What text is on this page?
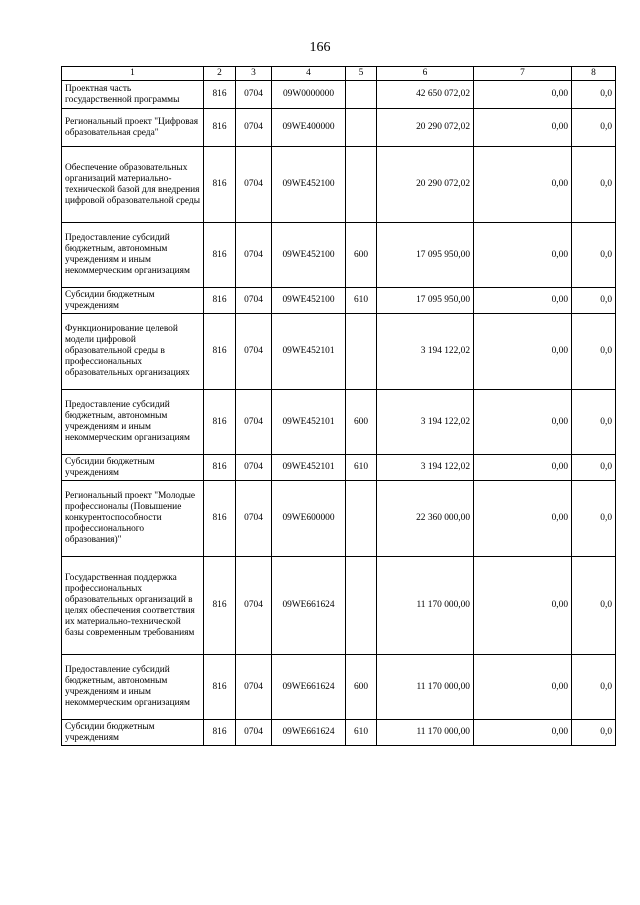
166
1	2	3	4	5	6	7	8
Проектная часть государственной программы	816	0704	09W0000000		42 650 072,02	0,00	0,0
Региональный проект "Цифровая образовательная среда"	816	0704	09WE400000		20 290 072,02	0,00	0,0
Обеспечение образовательных организаций материально-технической базой для внедрения цифровой образовательной среды	816	0704	09WE452100		20 290 072,02	0,00	0,0
Предоставление субсидий бюджетным, автономным учреждениям и иным некоммерческим организациям	816	0704	09WE452100	600	17 095 950,00	0,00	0,0
Субсидии бюджетным учреждениям	816	0704	09WE452100	610	17 095 950,00	0,00	0,0
Функционирование целевой модели цифровой образовательной среды в профессиональных образовательных организациях	816	0704	09WE452101		3 194 122,02	0,00	0,0
Предоставление субсидий бюджетным, автономным учреждениям и иным некоммерческим организациям	816	0704	09WE452101	600	3 194 122,02	0,00	0,0
Субсидии бюджетным учреждениям	816	0704	09WE452101	610	3 194 122,02	0,00	0,0
Региональный проект "Молодые профессионалы (Повышение конкурентоспособности профессионального образования)"	816	0704	09WE600000		22 360 000,00	0,00	0,0
Государственная поддержка профессиональных образовательных организаций в целях обеспечения соответствия их материально-технической базы современным требованиям	816	0704	09WE661624		11 170 000,00	0,00	0,0
Предоставление субсидий бюджетным, автономным учреждениям и иным некоммерческим организациям	816	0704	09WE661624	600	11 170 000,00	0,00	0,0
Субсидии бюджетным учреждениям	816	0704	09WE661624	610	11 170 000,00	0,00	0,0
